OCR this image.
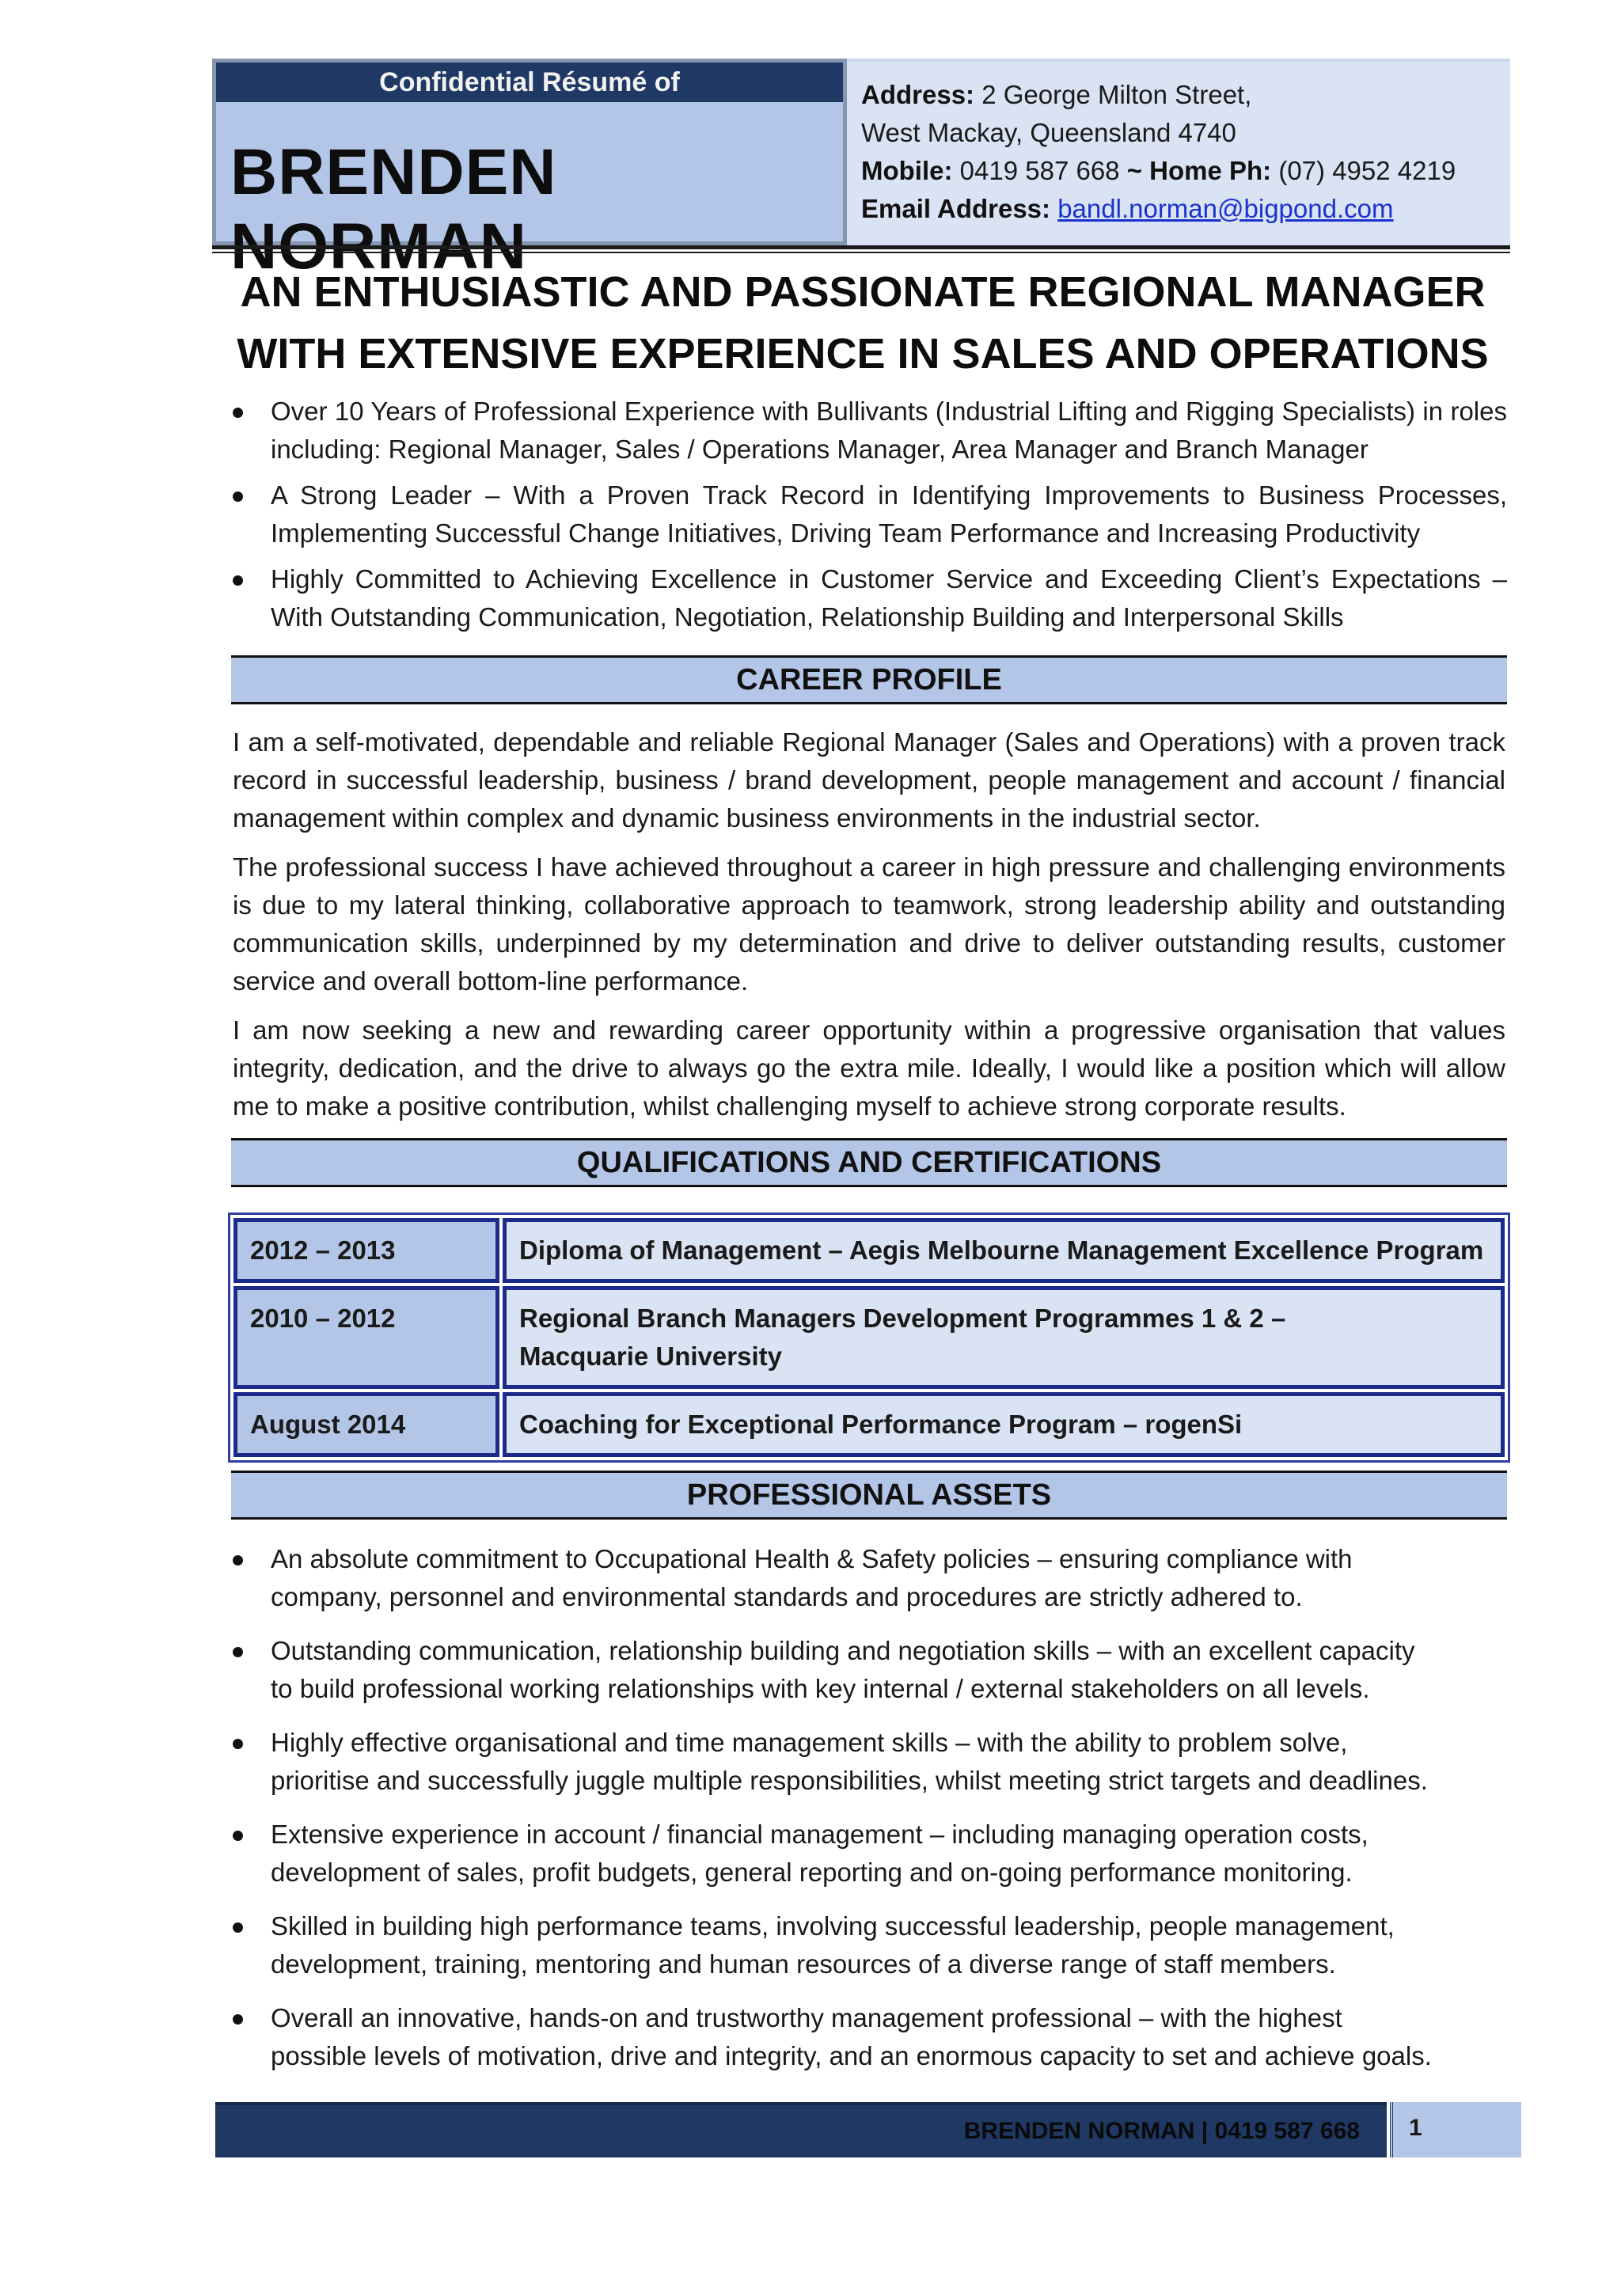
Confidential Résumé of
BRENDEN NORMAN
Address: 2 George Milton Street,
West Mackay, Queensland 4740
Mobile: 0419 587 668 ~ Home Ph: (07) 4952 4219
Email Address: bandl.norman@bigpond.com
AN ENTHUSIASTIC AND PASSIONATE REGIONAL MANAGER
WITH EXTENSIVE EXPERIENCE IN SALES AND OPERATIONS
Over 10 Years of Professional Experience with Bullivants (Industrial Lifting and Rigging Specialists) in roles including: Regional Manager, Sales / Operations Manager, Area Manager and Branch Manager
A Strong Leader – With a Proven Track Record in Identifying Improvements to Business Processes, Implementing Successful Change Initiatives, Driving Team Performance and Increasing Productivity
Highly Committed to Achieving Excellence in Customer Service and Exceeding Client’s Expectations – With Outstanding Communication, Negotiation, Relationship Building and Interpersonal Skills
CAREER PROFILE

I am a self-motivated, dependable and reliable Regional Manager (Sales and Operations) with a proven track record in successful leadership, business / brand development, people management and account / financial management within complex and dynamic business environments in the industrial sector.

The professional success I have achieved throughout a career in high pressure and challenging environments is due to my lateral thinking, collaborative approach to teamwork, strong leadership ability and outstanding communication skills, underpinned by my determination and drive to deliver outstanding results, customer service and overall bottom-line performance.

I am now seeking a new and rewarding career opportunity within a progressive organisation that values integrity, dedication, and the drive to always go the extra mile. Ideally, I would like a position which will allow me to make a positive contribution, whilst challenging myself to achieve strong corporate results.

QUALIFICATIONS AND CERTIFICATIONS
2012 – 2013	Diploma of Management – Aegis Melbourne Management Excellence Program
2010 – 2012	Regional Branch Managers Development Programmes 1 & 2 –
Macquarie University
August 2014	Coaching for Exceptional Performance Program – rogenSi
PROFESSIONAL ASSETS
An absolute commitment to Occupational Health & Safety policies – ensuring compliance with
company, personnel and environmental standards and procedures are strictly adhered to.
Outstanding communication, relationship building and negotiation skills – with an excellent capacity
to build professional working relationships with key internal / external stakeholders on all levels.
Highly effective organisational and time management skills – with the ability to problem solve,
prioritise and successfully juggle multiple responsibilities, whilst meeting strict targets and deadlines.
Extensive experience in account / financial management – including managing operation costs,
development of sales, profit budgets, general reporting and on-going performance monitoring.
Skilled in building high performance teams, involving successful leadership, people management,
development, training, mentoring and human resources of a diverse range of staff members.
Overall an innovative, hands-on and trustworthy management professional – with the highest
possible levels of motivation, drive and integrity, and an enormous capacity to set and achieve goals.
BRENDEN NORMAN | 0419 587 668	1
